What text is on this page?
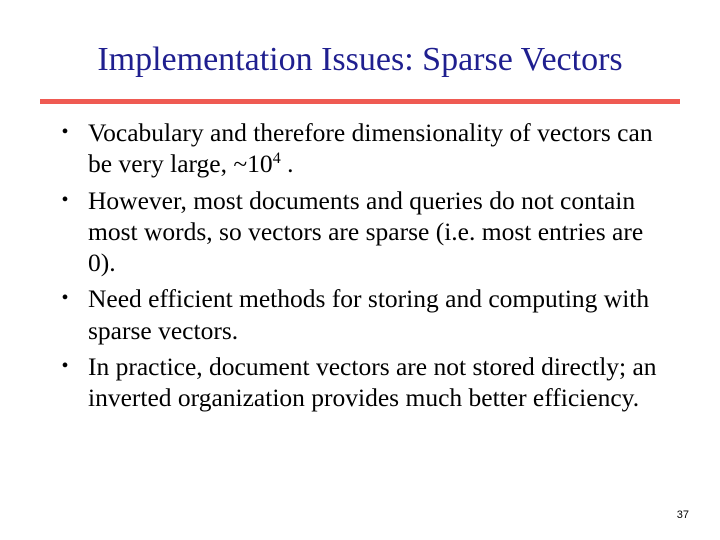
Implementation Issues: Sparse Vectors
• Vocabulary and therefore dimensionality of vectors can be very large, $\sim 10^4$ .
• However, most documents and queries do not contain most words, so vectors are sparse (i.e. most entries are 0).
• Need efficient methods for storing and computing with sparse vectors.
• In practice, document vectors are not stored directly; an inverted organization provides much better efficiency.
37
